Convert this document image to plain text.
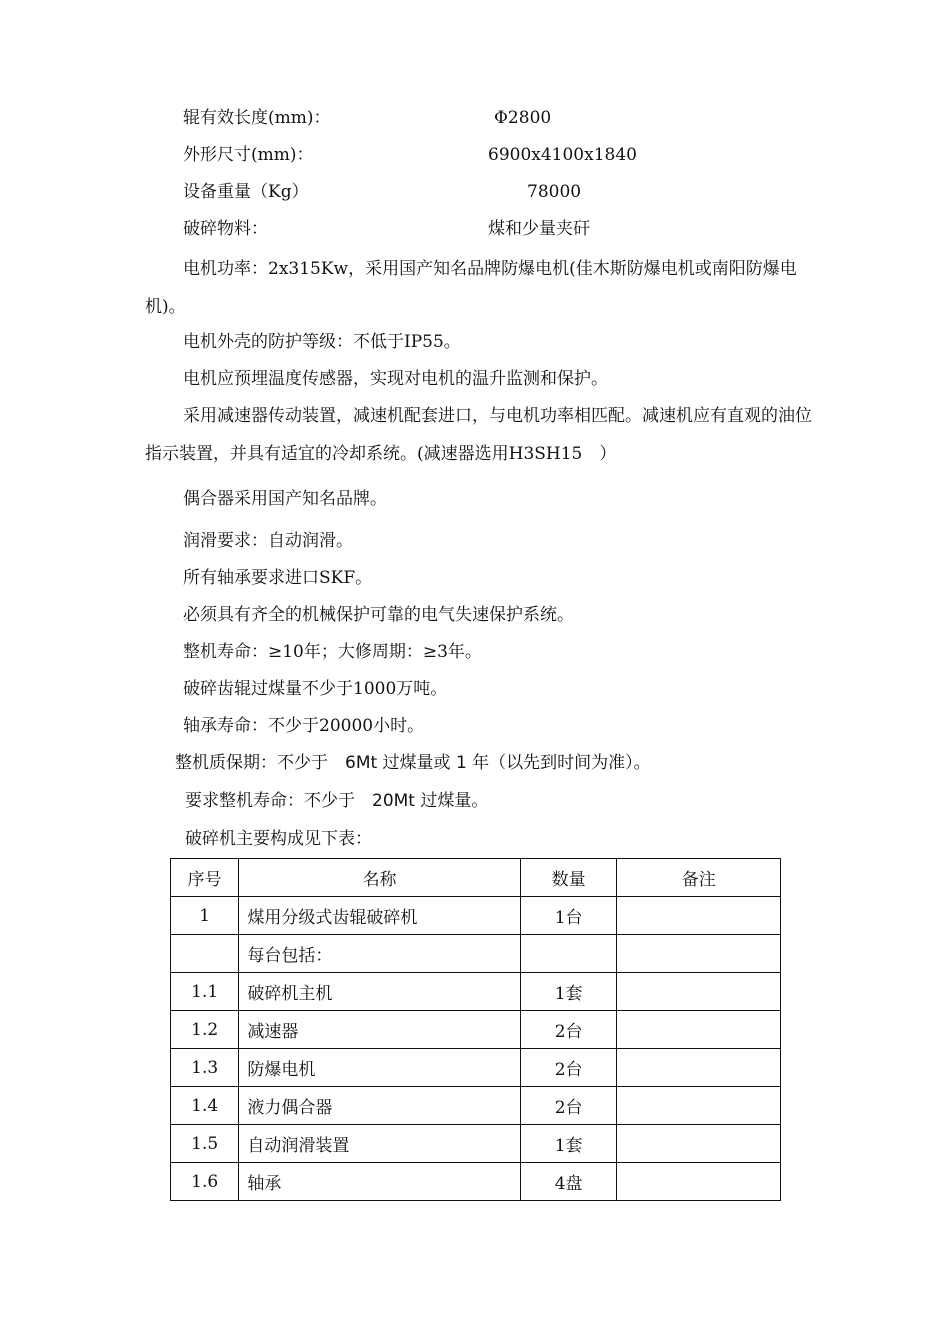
辊有效长度(mm)：	Φ2800
外形尺寸(mm)：	6900x4100x1840
设备重量（Kg）	78000
破碎物料：	煤和少量夹矸
电机功率：2x315Kw，采用国产知名品牌防爆电机(佳木斯防爆电机或南阳防爆电机)。
电机外壳的防护等级：不低于IP55。
电机应预埋温度传感器，实现对电机的温升监测和保护。
采用减速器传动装置，减速机配套进口，与电机功率相匹配。减速机应有直观的油位指示装置，并具有适宜的冷却系统。(减速器选用H3SH15　）
偶合器采用国产知名品牌。
润滑要求：自动润滑。
所有轴承要求进口SKF。
必须具有齐全的机械保护可靠的电气失速保护系统。
整机寿命：≥10年；大修周期：≥3年。
破碎齿辊过煤量不少于1000万吨。
轴承寿命：不少于20000小时。
整机质保期：不少于　6Mt 过煤量或 1 年（以先到时间为准）。
要求整机寿命：不少于　20Mt 过煤量。
破碎机主要构成见下表：
序号	名称	数量	备注
1	煤用分级式齿辊破碎机	1台	
	每台包括：		
1.1	破碎机主机	1套	
1.2	减速器	2台	
1.3	防爆电机	2台	
1.4	液力偶合器	2台	
1.5	自动润滑装置	1套	
1.6	轴承	4盘	
